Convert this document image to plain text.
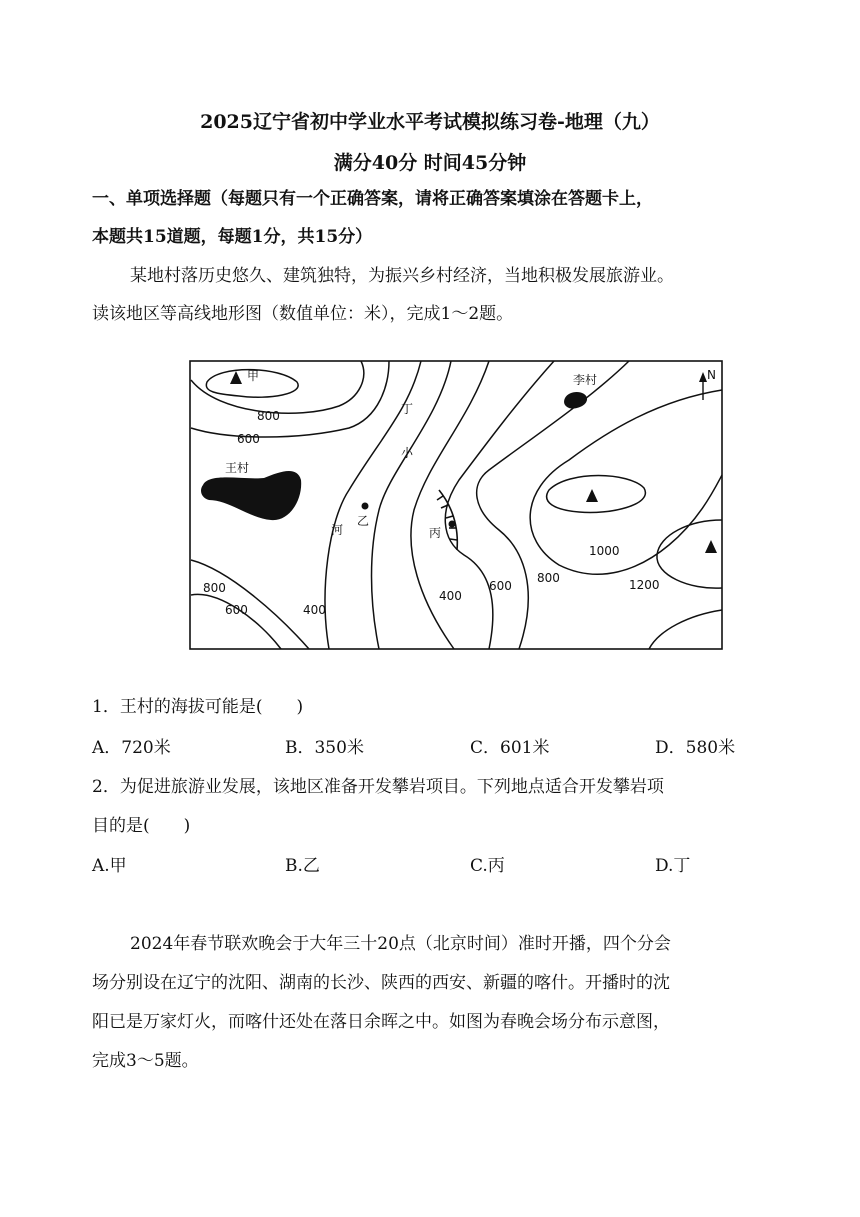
2025辽宁省初中学业水平考试模拟练习卷-地理（九）
满分40分 时间45分钟
一、单项选择题（每题只有一个正确答案，请将正确答案填涂在答题卡上，
本题共15道题，每题1分，共15分）
某地村落历史悠久、建筑独特，为振兴乡村经济，当地积极发展旅游业。
读该地区等高线地形图（数值单位：米），完成1～2题。
N
甲	李村
丁
小
王村
河
乙
丙
800
600
800
600	400
400
600
800
1000
1200
1．王村的海拔可能是(　　)
A．720米	B．350米	C．601米	D．580米
2．为促进旅游业发展，该地区准备开发攀岩项目。下列地点适合开发攀岩项
目的是(　　)
A.甲	B.乙	C.丙	D.丁
2024年春节联欢晚会于大年三十20点（北京时间）准时开播，四个分会
场分别设在辽宁的沈阳、湖南的长沙、陕西的西安、新疆的喀什。开播时的沈
阳已是万家灯火，而喀什还处在落日余晖之中。如图为春晚会场分布示意图，
完成3～5题。
